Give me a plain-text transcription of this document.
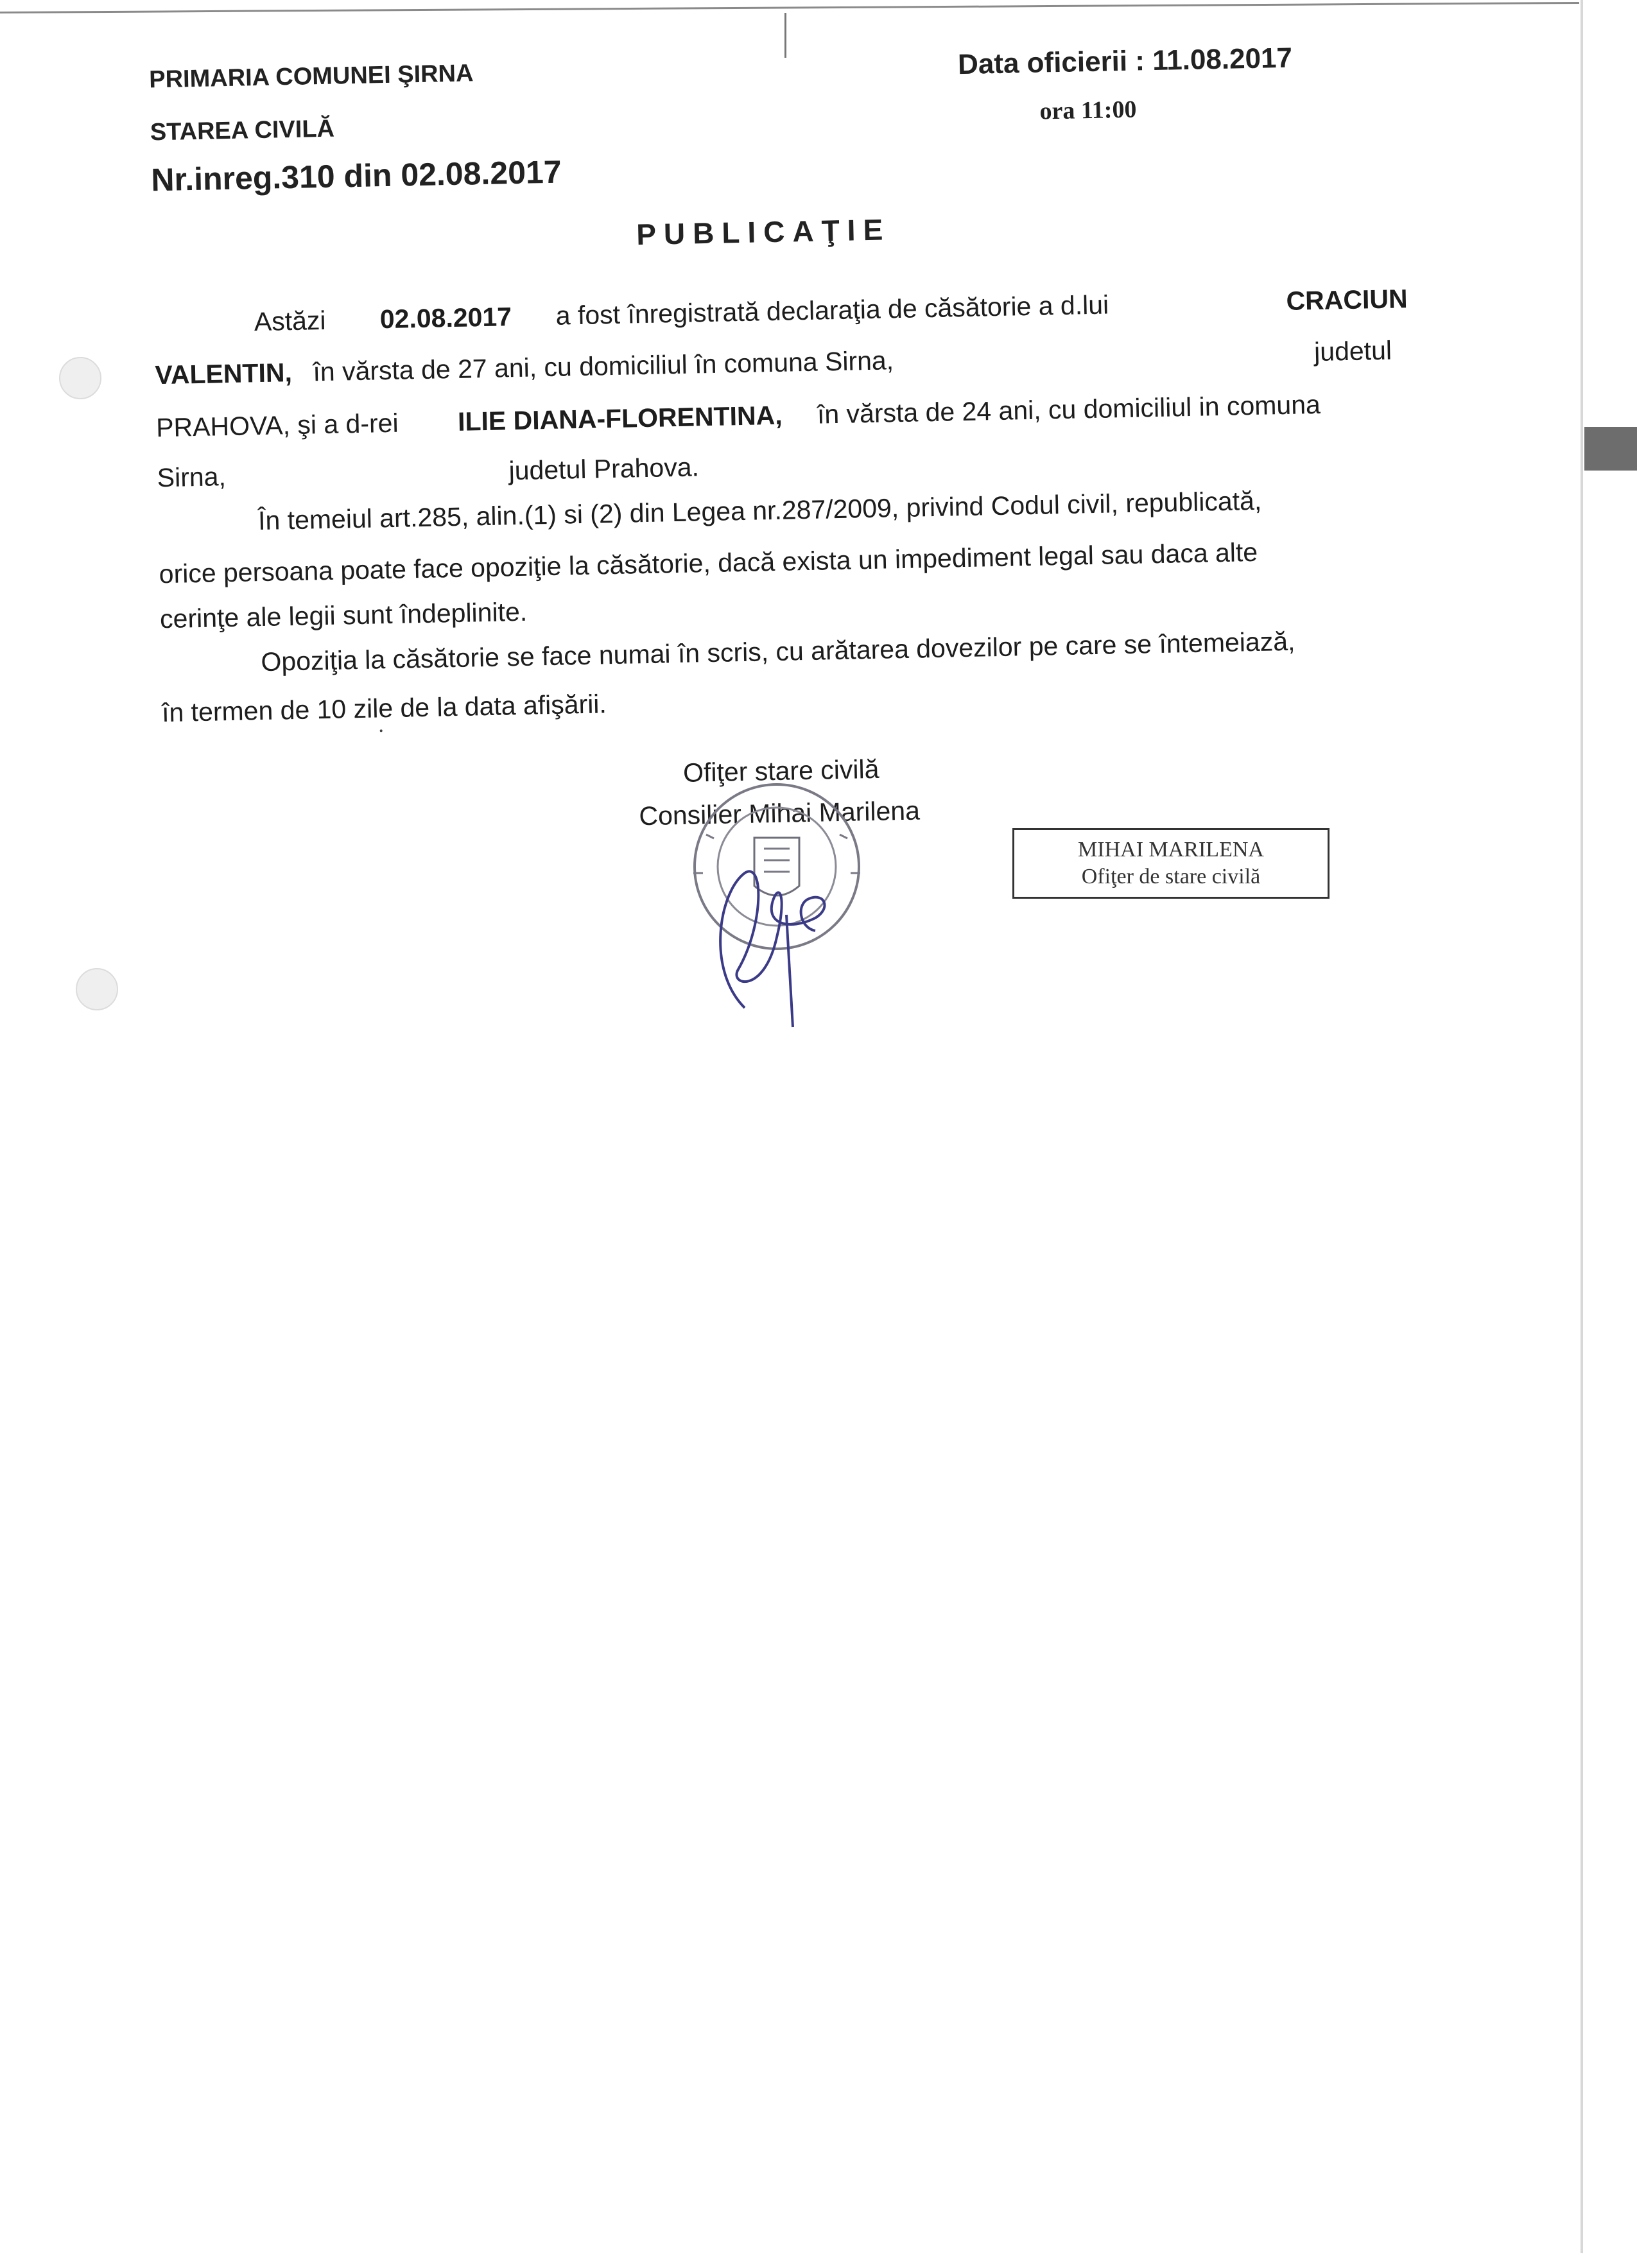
PRIMARIA COMUNEI ŞIRNA
STAREA CIVILĂ
Nr.inreg.310 din 02.08.2017
Data oficierii : 11.08.2017
ora 11:00
PUBLICAŢIE
Astăzi 02.08.2017 a fost înregistrată declaraţia de căsătorie a d.lui	CRACIUN
VALENTIN, în vărsta de 27 ani, cu domiciliul în comuna Sirna,	judetul
PRAHOVA, şi a d-rei ILIE DIANA-FLORENTINA, în vărsta de 24 ani, cu domiciliul in comuna
Sirna,	judetul Prahova.
În temeiul art.285, alin.(1) si (2) din Legea nr.287/2009, privind Codul civil, republicată,
orice persoana poate face opoziţie la căsătorie, dacă exista un impediment legal sau daca alte
cerinţe ale legii sunt îndeplinite.
Opoziţia la căsătorie se face numai în scris, cu arătarea dovezilor pe care se întemeiază,
în termen de 10 zile de la data afişării.
Ofiţer stare civilă
Consilier Mihai Marilena
MIHAI MARILENA
Ofiţer de stare civilă
